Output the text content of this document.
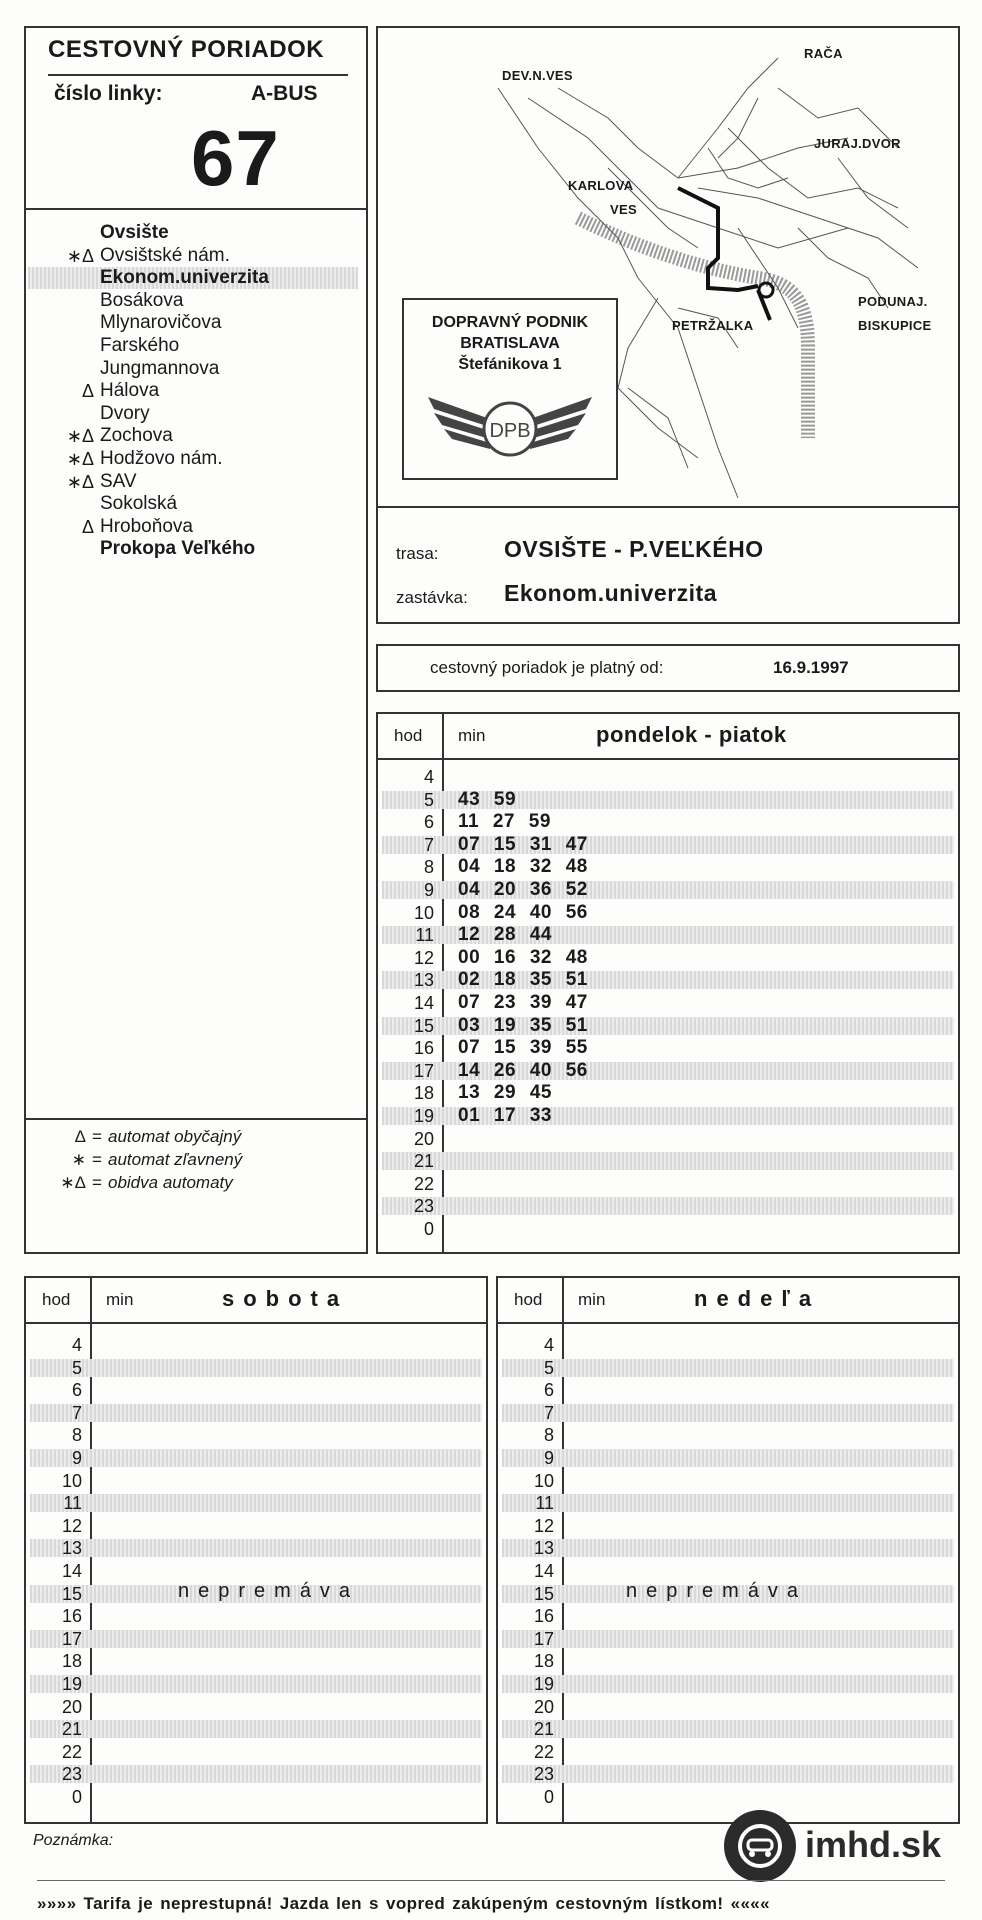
CESTOVNÝ PORIADOK
číslo linky:	A-BUS
67
Ovsište
∗Δ Ovsištské nám.
Ekonom.univerzita
Bosákova
Mlynarovičova
Farského
Jungmannova
Δ Hálova
Dvory
∗Δ Zochova
∗Δ Hodžovo nám.
∗Δ SAV
Sokolská
Δ Hroboňova
Prokopa Veľkého
Δ = automat obyčajný
∗ = automat zľavnený
∗Δ = obidva automaty
RAČA
DEV.N.VES
JURAJ.DVOR
KARLOVA
VES
PODUNAJ.
BISKUPICE
PETRŽALKA
DOPRAVNÝ PODNIK
BRATISLAVA
Štefánikova 1
DPB
trasa:	OVSIŠTE - P.VEĽKÉHO
zastávka: Ekonom.univerzita
cestovný poriadok je platný od:	16.9.1997
hod min	pondelok - piatok
4
5 43 59
6 11 27 59
7 07 15 31 47
8 04 18 32 48
9 04 20 36 52
10 08 24 40 56
11 12 28 44
12 00 16 32 48
13 02 18 35 51
14 07 23 39 47
15 03 19 35 51
16 07 15 39 55
17 14 26 40 56
18 13 29 45
19 01 17 33
20
21
22
23
0
hod min	sobota
4
5
6
7
8
9
10
11
12
13
14
15
16
17
18
19
20
21
22
23
0
nepremáva
hod min	nedeľa
4
5
6
7
8
9
10
11
12
13
14
15
16
17
18
19
20
21
22
23
0
nepremáva
Poznámka:	imhd.sk
»»»» Tarifa je neprestupná! Jazda len s vopred zakúpeným cestovným lístkom! ««««
